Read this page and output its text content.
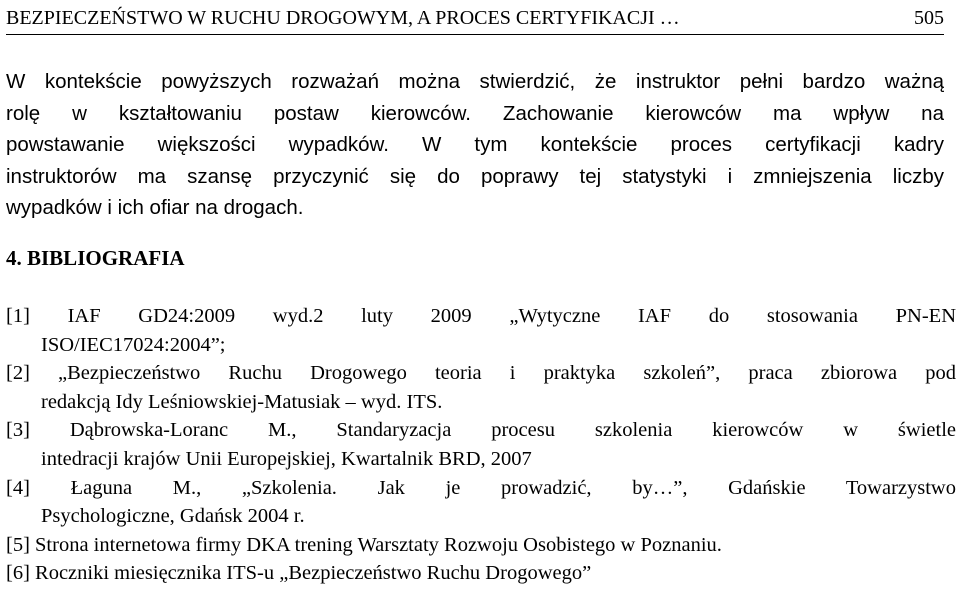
BEZPIECZEŃSTWO W RUCHU DROGOWYM, A PROCES CERTYFIKACJI …	505

W kontekście powyższych rozważań można stwierdzić, że instruktor pełni bardzo ważną
rolę w kształtowaniu postaw kierowców. Zachowanie kierowców ma wpływ na
powstawanie większości wypadków. W tym kontekście proces certyfikacji kadry
instruktorów ma szansę przyczynić się do poprawy tej statystyki i zmniejszenia liczby
wypadków i ich ofiar na drogach.

4. BIBLIOGRAFIA

[1] IAF GD24:2009 wyd.2 luty 2009 „Wytyczne IAF do stosowania PN-EN
ISO/IEC17024:2004”;

[2] „Bezpieczeństwo Ruchu Drogowego teoria i praktyka szkoleń”, praca zbiorowa pod
redakcją Idy Leśniowskiej-Matusiak – wyd. ITS.

[3] Dąbrowska-Loranc M., Standaryzacja procesu szkolenia kierowców w świetle
intedracji krajów Unii Europejskiej, Kwartalnik BRD, 2007

[4] Łaguna M., „Szkolenia. Jak je prowadzić, by…”, Gdańskie Towarzystwo
Psychologiczne, Gdańsk 2004 r.

[5] Strona internetowa firmy DKA trening Warsztaty Rozwoju Osobistego w Poznaniu.

[6] Roczniki miesięcznika ITS-u „Bezpieczeństwo Ruchu Drogowego”
